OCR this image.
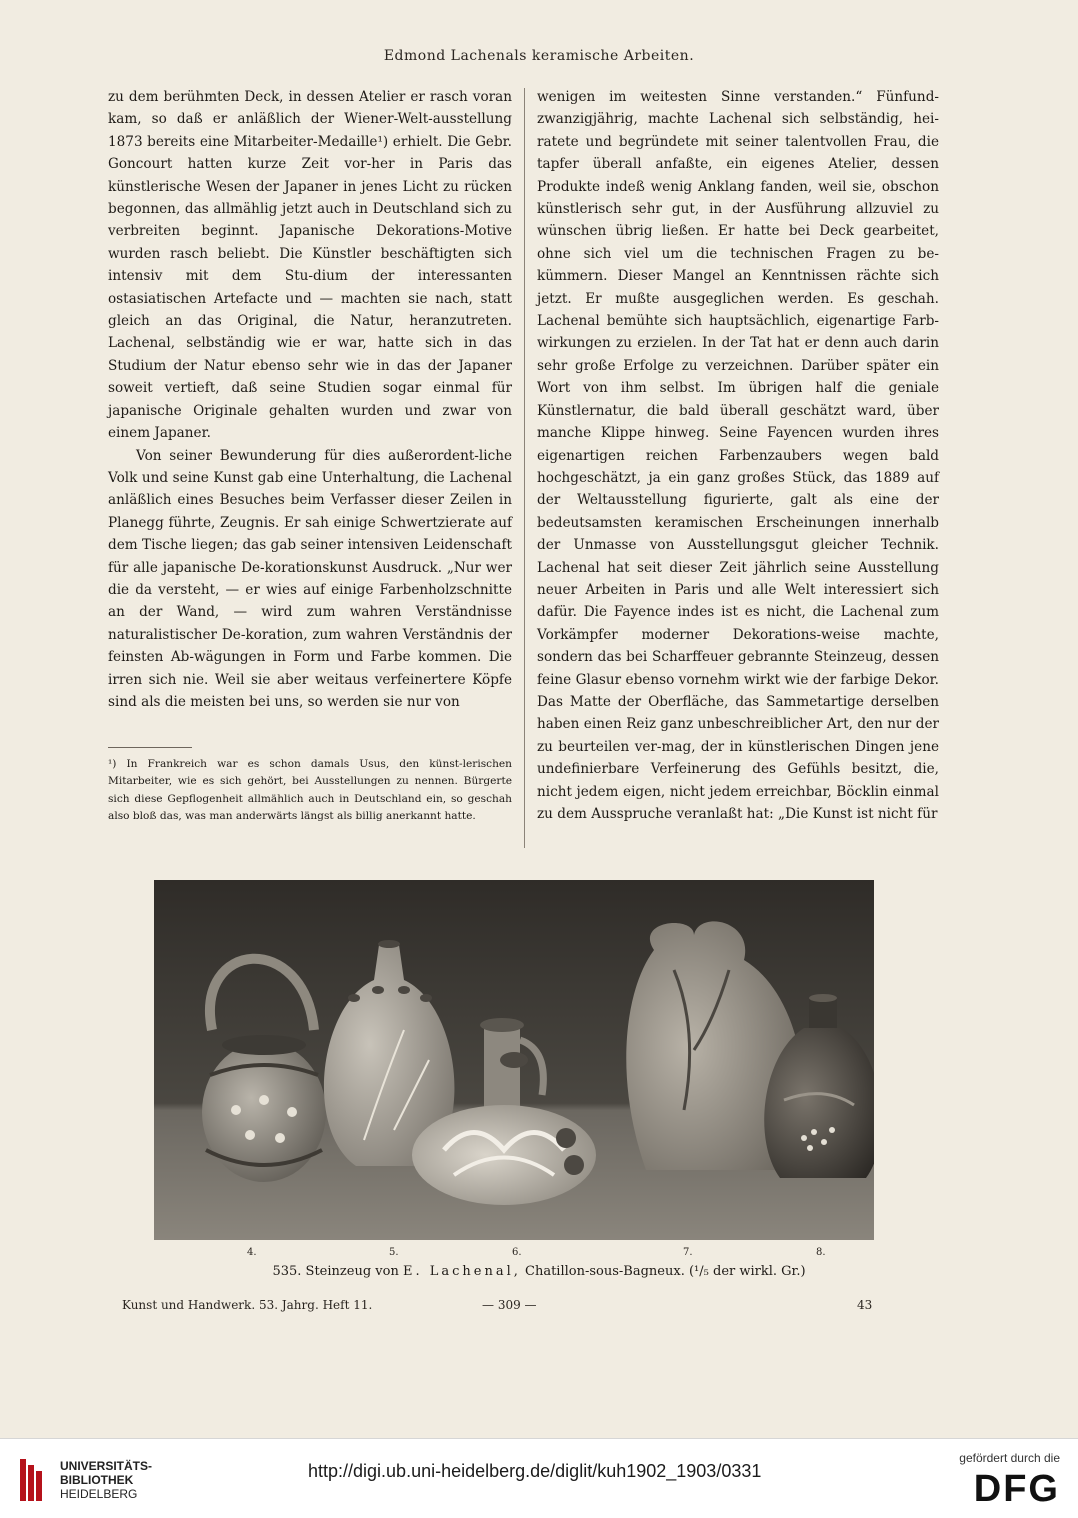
Edmond Lachenals keramische Arbeiten.

zu dem berühmten Deck, in dessen Atelier er rasch voran kam, so daß er anläßlich der Wiener-Welt-ausstellung 1873 bereits eine Mitarbeiter-Medaille¹) erhielt. Die Gebr. Goncourt hatten kurze Zeit vor-her in Paris das künstlerische Wesen der Japaner in jenes Licht zu rücken begonnen, das allmählig jetzt auch in Deutschland sich zu verbreiten beginnt. Japanische Dekorations-Motive wurden rasch beliebt. Die Künstler beschäftigten sich intensiv mit dem Stu-dium der interessanten ostasiatischen Artefacte und — machten sie nach, statt gleich an das Original, die Natur, heranzutreten. Lachenal, selbständig wie er war, hatte sich in das Studium der Natur ebenso sehr wie in das der Japaner soweit vertieft, daß seine Studien sogar einmal für japanische Originale gehalten wurden und zwar von einem Japaner.

Von seiner Bewunderung für dies außerordent-liche Volk und seine Kunst gab eine Unterhaltung, die Lachenal anläßlich eines Besuches beim Verfasser dieser Zeilen in Planegg führte, Zeugnis. Er sah einige Schwertzierate auf dem Tische liegen; das gab seiner intensiven Leidenschaft für alle japanische De-korationskunst Ausdruck. „Nur wer die da versteht, — er wies auf einige Farbenholzschnitte an der Wand, — wird zum wahren Verständnisse naturalistischer De-koration, zum wahren Verständnis der feinsten Ab-wägungen in Form und Farbe kommen. Die irren sich nie. Weil sie aber weitaus verfeinertere Köpfe sind als die meisten bei uns, so werden sie nur von

¹) In Frankreich war es schon damals Usus, den künst-lerischen Mitarbeiter, wie es sich gehört, bei Ausstellungen zu nennen. Bürgerte sich diese Gepflogenheit allmählich auch in Deutschland ein, so geschah also bloß das, was man anderwärts längst als billig anerkannt hatte.

wenigen im weitesten Sinne verstanden.“ Fünfund-zwanzigjährig, machte Lachenal sich selbständig, hei-ratete und begründete mit seiner talentvollen Frau, die tapfer überall anfaßte, ein eigenes Atelier, dessen Produkte indeß wenig Anklang fanden, weil sie, obschon künstlerisch sehr gut, in der Ausführung allzuviel zu wünschen übrig ließen. Er hatte bei Deck gearbeitet, ohne sich viel um die technischen Fragen zu be-kümmern. Dieser Mangel an Kenntnissen rächte sich jetzt. Er mußte ausgeglichen werden. Es geschah. Lachenal bemühte sich hauptsächlich, eigenartige Farb-wirkungen zu erzielen. In der Tat hat er denn auch darin sehr große Erfolge zu verzeichnen. Darüber später ein Wort von ihm selbst. Im übrigen half die geniale Künstlernatur, die bald überall geschätzt ward, über manche Klippe hinweg. Seine Fayencen wurden ihres eigenartigen reichen Farbenzaubers wegen bald hochgeschätzt, ja ein ganz großes Stück, das 1889 auf der Weltausstellung figurierte, galt als eine der bedeutsamsten keramischen Erscheinungen innerhalb der Unmasse von Ausstellungsgut gleicher Technik. Lachenal hat seit dieser Zeit jährlich seine Ausstellung neuer Arbeiten in Paris und alle Welt interessiert sich dafür. Die Fayence indes ist es nicht, die Lachenal zum Vorkämpfer moderner Dekorations-weise machte, sondern das bei Scharffeuer gebrannte Steinzeug, dessen feine Glasur ebenso vornehm wirkt wie der farbige Dekor. Das Matte der Oberfläche, das Sammetartige derselben haben einen Reiz ganz unbeschreiblicher Art, den nur der zu beurteilen ver-mag, der in künstlerischen Dingen jene undefinierbare Verfeinerung des Gefühls besitzt, die, nicht jedem eigen, nicht jedem erreichbar, Böcklin einmal zu dem Ausspruche veranlaßt hat: „Die Kunst ist nicht für

4.	5.	6.	7.	8.
535. Steinzeug von E. Lachenal, Chatillon-sous-Bagneux. (¹/₅ der wirkl. Gr.)
Kunst und Handwerk. 53. Jahrg. Heft 11.	— 309 —	43
UNIVERSITÄTS-
BIBLIOTHEK
HEIDELBERG
http://digi.ub.uni-heidelberg.de/diglit/kuh1902_1903/0331
gefördert durch die
DFG
